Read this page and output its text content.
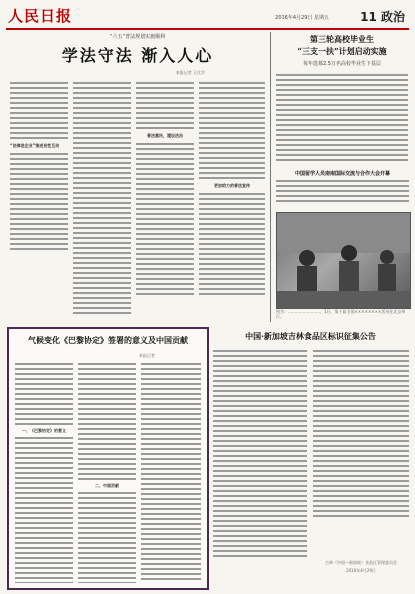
人民日报	2016年4月29日 星期五	11 政治
“六五”普法规划实施顺利
学法守法 渐入人心
本报记者 王比学
“法律进企业”推进良性互动
普法惠民，建设法治
更加给力的普法宣传
第三轮高校毕业生
“三支一扶”计划启动实施
每年选募2.5万名高校毕业生下基层
中国留学人员南南国际交流与合作大会开幕
图为：……………………，1日，第十届全国××××××××活动在北京举行。
气候变化《巴黎协定》签署的意义及中国贡献
本报记者
一、《巴黎协定》的意义
二、中国贡献
中国·新加坡吉林食品区标识征集公告
吉林（中国—新加坡）食品区管理委员会
2016年4月29日
